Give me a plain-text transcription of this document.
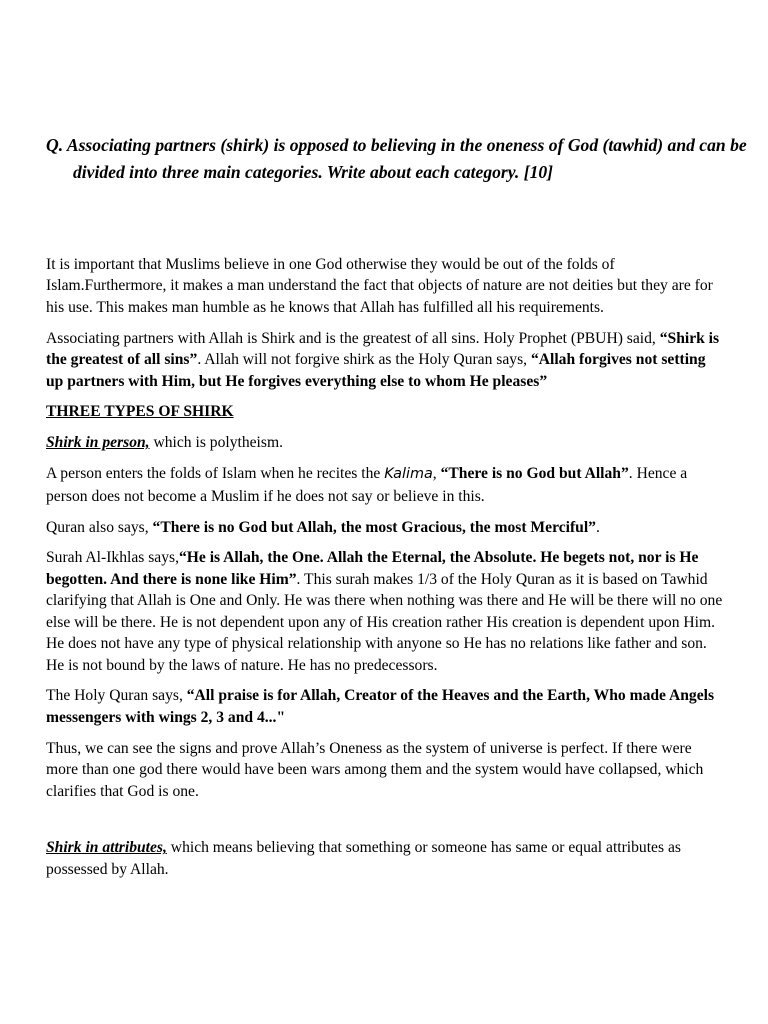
Q. Associating partners (shirk) is opposed to believing in the oneness of God (tawhid) and can be divided into three main categories. Write about each category. [10]

It is important that Muslims believe in one God otherwise they would be out of the folds of Islam.Furthermore, it makes a man understand the fact that objects of nature are not deities but they are for his use. This makes man humble as he knows that Allah has fulfilled all his requirements.

Associating partners with Allah is Shirk and is the greatest of all sins. Holy Prophet (PBUH) said, “Shirk is the greatest of all sins”. Allah will not forgive shirk as the Holy Quran says, “Allah forgives not setting up partners with Him, but He forgives everything else to whom He pleases”

THREE TYPES OF SHIRK

Shirk in person, which is polytheism.

A person enters the folds of Islam when he recites the Kalima, “There is no God but Allah”. Hence a person does not become a Muslim if he does not say or believe in this.

Quran also says, “There is no God but Allah, the most Gracious, the most Merciful”.

Surah Al-Ikhlas says,“He is Allah, the One. Allah the Eternal, the Absolute. He begets not, nor is He begotten. And there is none like Him”. This surah makes 1/3 of the Holy Quran as it is based on Tawhid clarifying that Allah is One and Only. He was there when nothing was there and He will be there will no one else will be there. He is not dependent upon any of His creation rather His creation is dependent upon Him. He does not have any type of physical relationship with anyone so He has no relations like father and son. He is not bound by the laws of nature. He has no predecessors.

The Holy Quran says, “All praise is for Allah, Creator of the Heaves and the Earth, Who made Angels messengers with wings 2, 3 and 4..."

Thus, we can see the signs and prove Allah’s Oneness as the system of universe is perfect. If there were more than one god there would have been wars among them and the system would have collapsed, which clarifies that God is one.

Shirk in attributes, which means believing that something or someone has same or equal attributes as possessed by Allah.
